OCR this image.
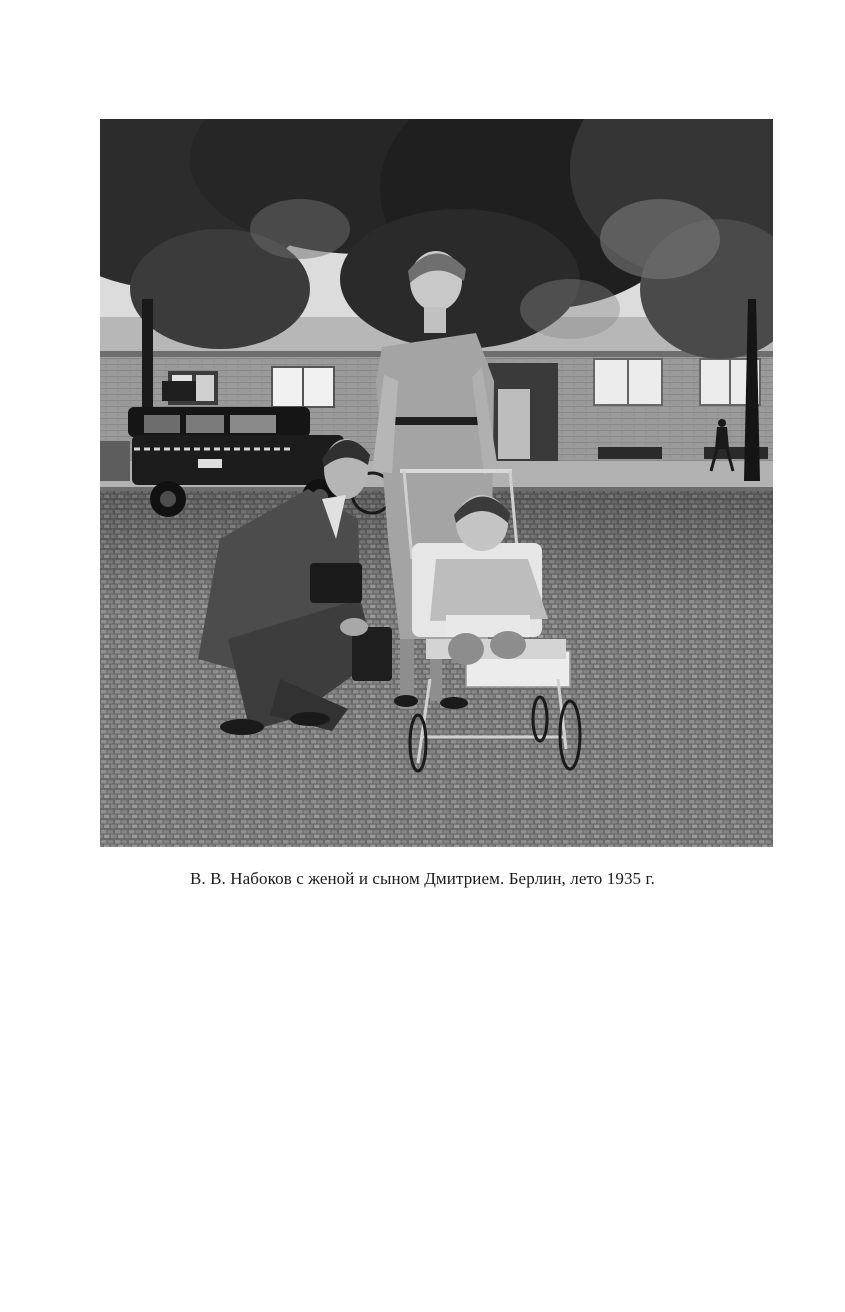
В. В. Набоков с женой и сыном Дмитрием. Берлин, лето 1935 г.
